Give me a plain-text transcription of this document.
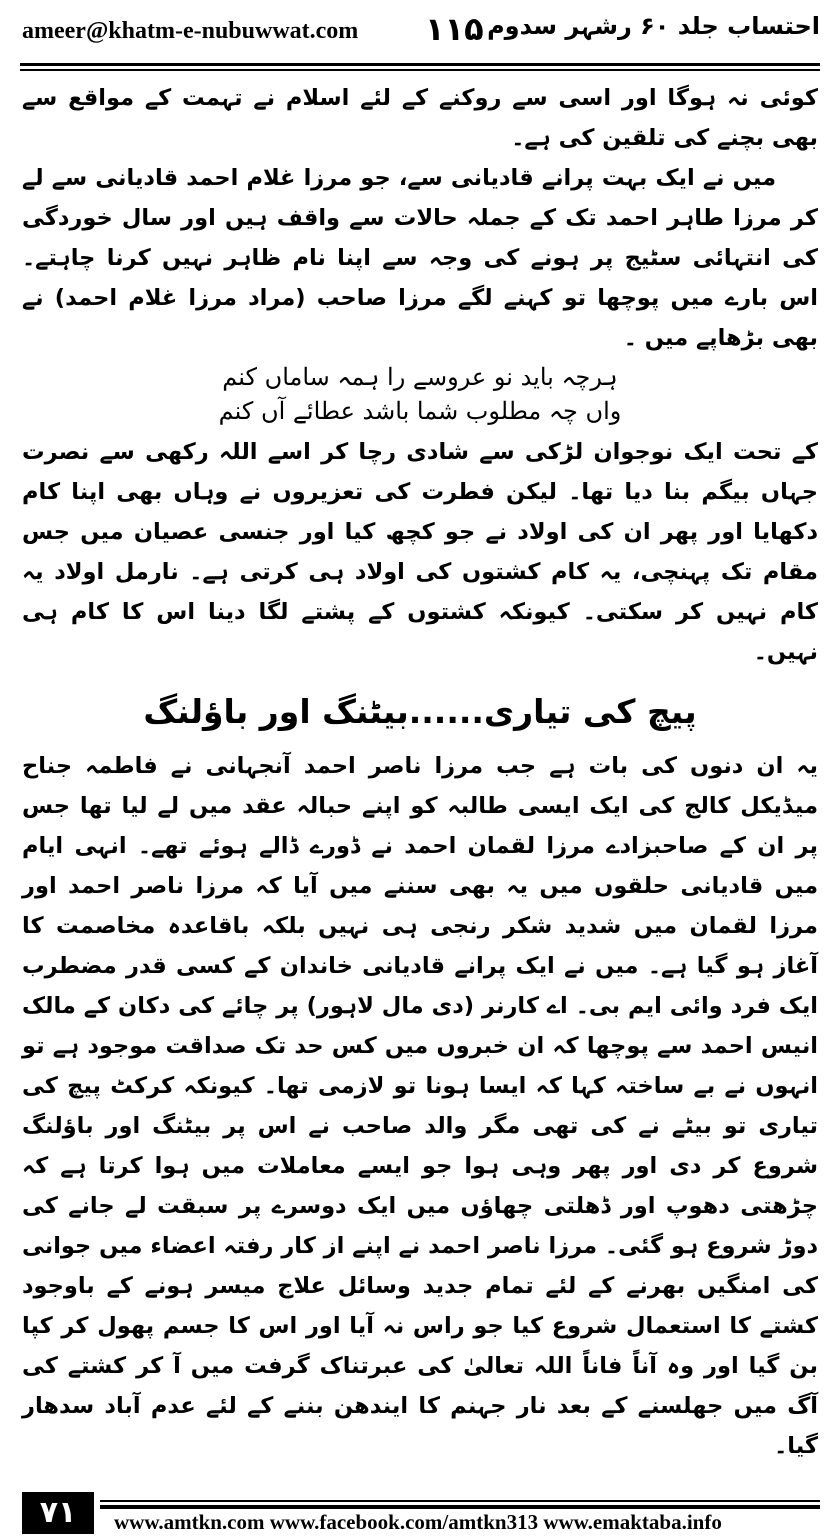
ameer@khatm-e-nubuwwat.com ۱۱۵ احتساب جلد ۶۰ رشہر سدوم

کوئی نہ ہوگا اور اسی سے روکنے کے لئے اسلام نے تہمت کے مواقع سے بھی بچنے کی تلقین کی ہے۔

میں نے ایک بہت پرانے قادیانی سے، جو مرزا غلام احمد قادیانی سے لے کر مرزا طاہر احمد تک کے جملہ حالات سے واقف ہیں اور سال خوردگی کی انتہائی سٹیج پر ہونے کی وجہ سے اپنا نام ظاہر نہیں کرنا چاہتے۔ اس بارے میں پوچھا تو کہنے لگے مرزا صاحب (مراد مرزا غلام احمد) نے بھی بڑھاپے میں ۔

ہرچہ باید نو عروسے را ہمہ ساماں کنم
واں چہ مطلوب شما باشد عطائے آں کنم

کے تحت ایک نوجوان لڑکی سے شادی رچا کر اسے اللہ رکھی سے نصرت جہاں بیگم بنا دیا تھا۔ لیکن فطرت کی تعزیروں نے وہاں بھی اپنا کام دکھایا اور پھر ان کی اولاد نے جو کچھ کیا اور جنسی عصیان میں جس مقام تک پہنچی، یہ کام کشتوں کی اولاد ہی کرتی ہے۔ نارمل اولاد یہ کام نہیں کر سکتی۔ کیونکہ کشتوں کے پشتے لگا دینا اس کا کام ہی نہیں۔

پیچ کی تیاری......بیٹنگ اور باؤلنگ

یہ ان دنوں کی بات ہے جب مرزا ناصر احمد آنجہانی نے فاطمہ جناح میڈیکل کالج کی ایک ایسی طالبہ کو اپنے حبالہ عقد میں لے لیا تھا جس پر ان کے صاحبزادے مرزا لقمان احمد نے ڈورے ڈالے ہوئے تھے۔ انہی ایام میں قادیانی حلقوں میں یہ بھی سننے میں آیا کہ مرزا ناصر احمد اور مرزا لقمان میں شدید شکر رنجی ہی نہیں بلکہ باقاعدہ مخاصمت کا آغاز ہو گیا ہے۔ میں نے ایک پرانے قادیانی خاندان کے کسی قدر مضطرب ایک فرد وائی ایم بی۔ اے کارنر (دی مال لاہور) پر چائے کی دکان کے مالک انیس احمد سے پوچھا کہ ان خبروں میں کس حد تک صداقت موجود ہے تو انہوں نے بے ساختہ کہا کہ ایسا ہونا تو لازمی تھا۔ کیونکہ کرکٹ پیچ کی تیاری تو بیٹے نے کی تھی مگر والد صاحب نے اس پر بیٹنگ اور باؤلنگ شروع کر دی اور پھر وہی ہوا جو ایسے معاملات میں ہوا کرتا ہے کہ چڑھتی دھوپ اور ڈھلتی چھاؤں میں ایک دوسرے پر سبقت لے جانے کی دوڑ شروع ہو گئی۔ مرزا ناصر احمد نے اپنے از کار رفتہ اعضاء میں جوانی کی امنگیں بھرنے کے لئے تمام جدید وسائل علاج میسر ہونے کے باوجود کشتے کا استعمال شروع کیا جو راس نہ آیا اور اس کا جسم پھول کر کپا بن گیا اور وہ آناً فاناً اللہ تعالیٰ کی عبرتناک گرفت میں آ کر کشتے کی آگ میں جھلسنے کے بعد نار جہنم کا ایندھن بننے کے لئے عدم آباد سدھار گیا۔

۷۱	www.amtkn.com www.facebook.com/amtkn313 www.emaktaba.info
